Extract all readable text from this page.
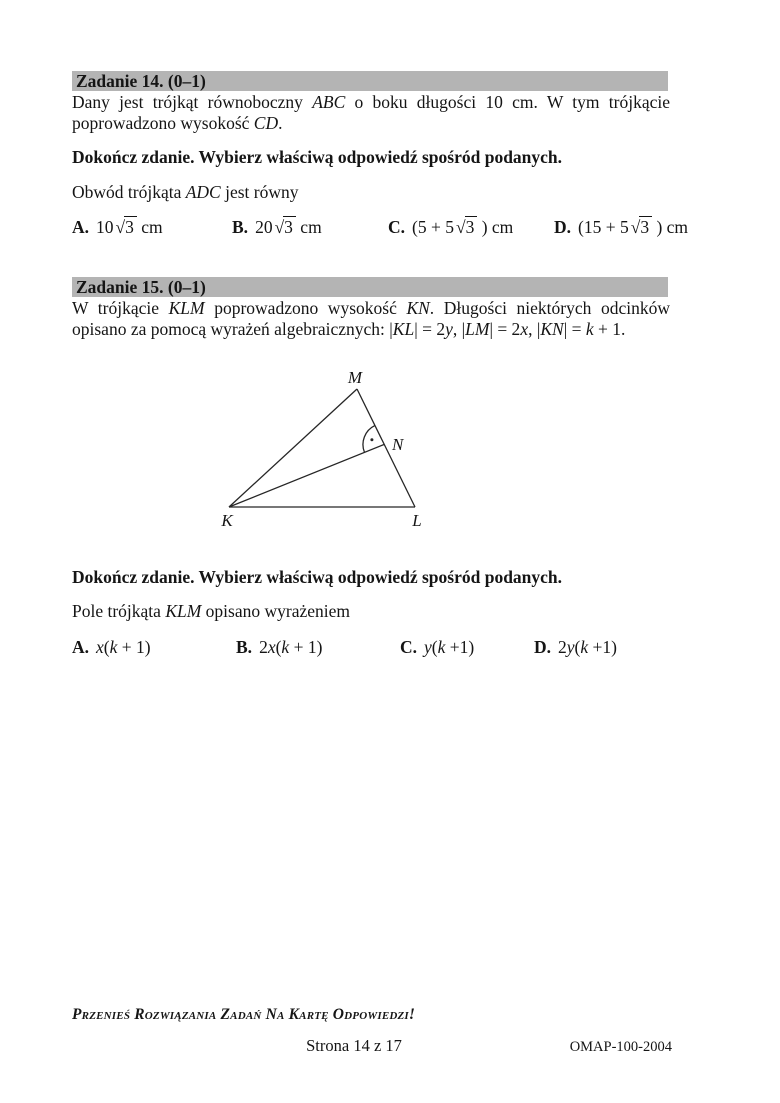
Zadanie 14. (0–1)
Dany jest trójkąt równoboczny ABC o boku długości 10 cm. W tym trójkącie poprowadzono wysokość CD.
Dokończ zdanie. Wybierz właściwą odpowiedź spośród podanych.
Obwód trójkąta ADC jest równy
A. 10 √3 cm	B. 20 √3 cm	C. (5 + 5 √3 ) cm D. (15 + 5 √3 ) cm
Zadanie 15. (0–1)
W trójkącie KLM poprowadzono wysokość KN. Długości niektórych odcinków opisano za pomocą wyrażeń algebraicznych: |KL| = 2y, |LM| = 2x, |KN| = k + 1.
M
N
K	L
Dokończ zdanie. Wybierz właściwą odpowiedź spośród podanych.
Pole trójkąta KLM opisano wyrażeniem
A. x(k + 1)	B. 2x(k + 1)	C. y(k +1)	D. 2y(k +1)
Przenieś Rozwiązania Zadań Na Kartę Odpowiedzi!
Strona 14 z 17	OMAP-100-2004
